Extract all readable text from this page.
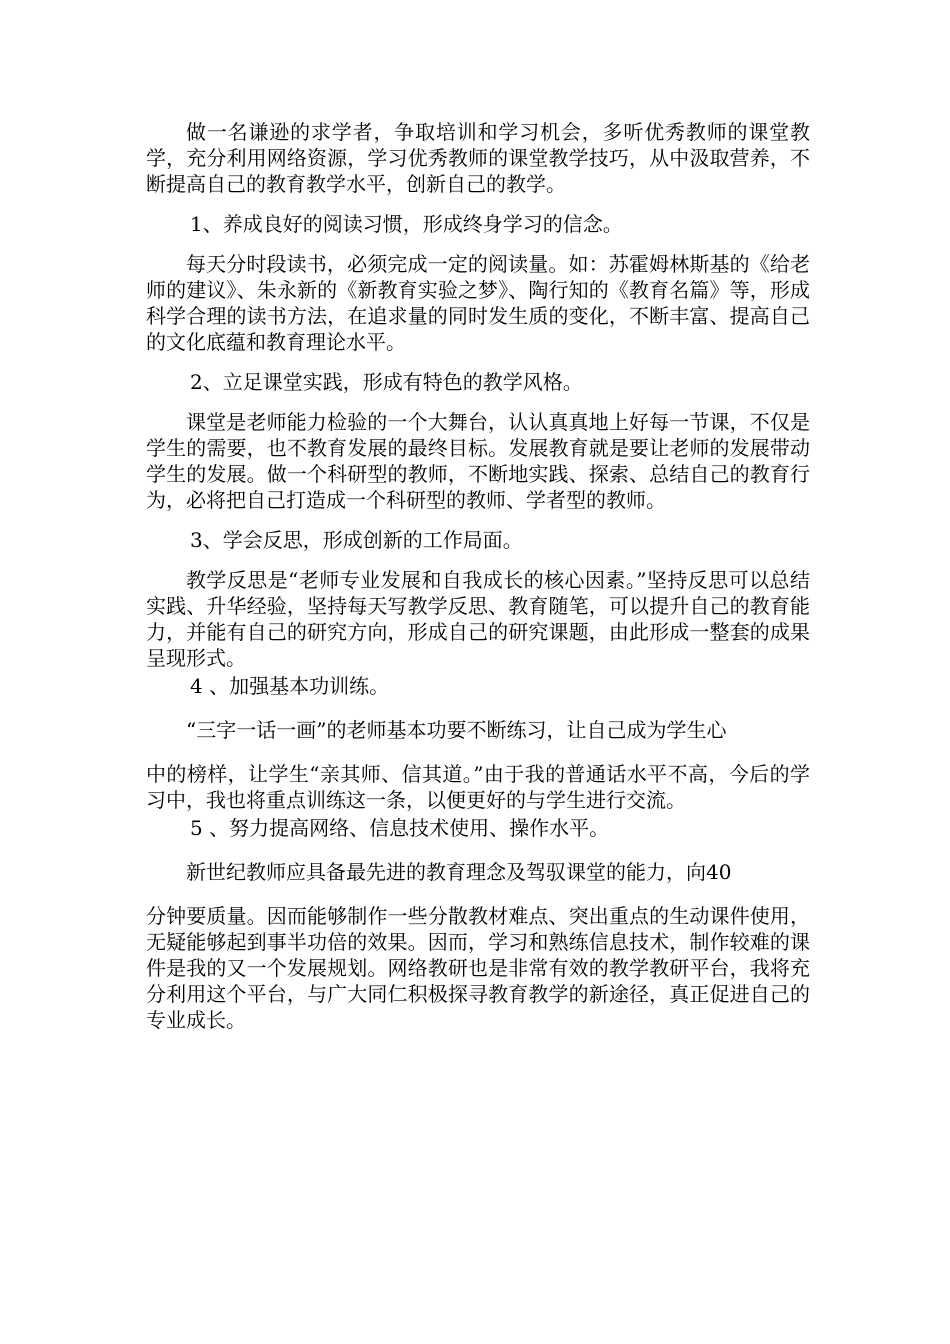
做一名谦逊的求学者，争取培训和学习机会，多听优秀教师的课堂教学，充分利用网络资源，学习优秀教师的课堂教学技巧，从中汲取营养，不断提高自己的教育教学水平，创新自己的教学。

1、养成良好的阅读习惯，形成终身学习的信念。

每天分时段读书，必须完成一定的阅读量。如：苏霍姆林斯基的《给老师的建议》、朱永新的《新教育实验之梦》、陶行知的《教育名篇》等，形成科学合理的读书方法，在追求量的同时发生质的变化，不断丰富、提高自己的文化底蕴和教育理论水平。

2、立足课堂实践，形成有特色的教学风格。

课堂是老师能力检验的一个大舞台，认认真真地上好每一节课，不仅是学生的需要，也不教育发展的最终目标。发展教育就是要让老师的发展带动学生的发展。做一个科研型的教师，不断地实践、探索、总结自己的教育行为，必将把自己打造成一个科研型的教师、学者型的教师。

3、学会反思，形成创新的工作局面。

教学反思是“老师专业发展和自我成长的核心因素。”坚持反思可以总结实践、升华经验，坚持每天写教学反思、教育随笔，可以提升自己的教育能力，并能有自己的研究方向，形成自己的研究课题，由此形成一整套的成果呈现形式。

4 、加强基本功训练。

“三字一话一画”的老师基本功要不断练习，让自己成为学生心

中的榜样，让学生“亲其师、信其道。”由于我的普通话水平不高，今后的学习中，我也将重点训练这一条，以便更好的与学生进行交流。

5 、努力提高网络、信息技术使用、操作水平。

新世纪教师应具备最先进的教育理念及驾驭课堂的能力，向40

分钟要质量。因而能够制作一些分散教材难点、突出重点的生动课件使用，无疑能够起到事半功倍的效果。因而，学习和熟练信息技术，制作较难的课件是我的又一个发展规划。网络教研也是非常有效的教学教研平台，我将充分利用这个平台，与广大同仁积极探寻教育教学的新途径，真正促进自己的专业成长。
